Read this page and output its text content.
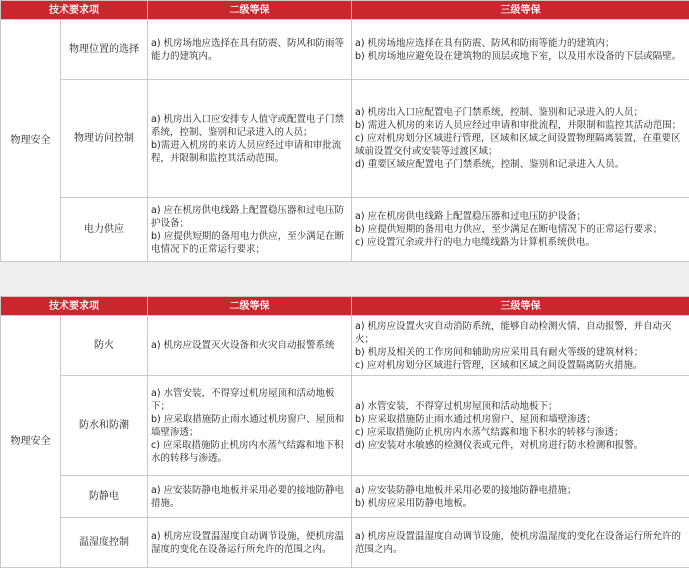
技术要求项		二级等保	三级等保
物理安全	物理位置的选择	a) 机房场地应选择在具有防震、防风和防雨等能力的建筑内。	a) 机房场地应选择在具有防震、防风和防雨等能力的建筑内；
b) 机房场地应避免设在建筑物的顶层或地下室，以及用水设备的下层或隔壁。

	物理访问控制	a) 机房出入口应安排专人值守或配置电子门禁系统，控制、鉴别和记录进入的人员；
b)需进入机房的来访人员应经过申请和审批流程，并限制和监控其活动范围。	a) 机房出入口应配置电子门禁系统，控制、鉴别和记录进入的人员；
b) 需进入机房的来访人员应经过申请和审批流程，并限制和监控其活动范围；
c) 应对机房划分区域进行管理，区域和区域之间设置物理隔离装置，在重要区域前设置交付或安装等过渡区域；
d) 重要区域应配置电子门禁系统，控制、鉴别和记录进入人员。

	电力供应	a) 应在机房供电线路上配置稳压器和过电压防护设备；
b) 应提供短期的备用电力供应，至少满足在断电情况下的正常运行要求；	a) 应在机房供电线路上配置稳压器和过电压防护设备；
b) 应提供短期的备用电力供应，至少满足在断电情况下的正常运行要求；
c) 应设置冗余或并行的电力电缆线路为计算机系统供电。
技术要求项		二级等保	三级等保
物理安全	防火	a) 机房应设置灭火设备和火灾自动报警系统	a) 机房应设置火灾自动消防系统，能够自动检测火情、自动报警，并自动灭火；
b) 机房及相关的工作房间和辅助房应采用具有耐火等级的建筑材料；
c) 应对机房划分区域进行管理，区域和区域之间设置隔离防火措施。

	防水和防潮	a) 水管安装，不得穿过机房屋顶和活动地板下；
b) 应采取措施防止雨水通过机房窗户、屋顶和墙壁渗透；
c) 应采取措施防止机房内水蒸气结露和地下积水的转移与渗透。	a) 水管安装，不得穿过机房屋顶和活动地板下；
b) 应采取措施防止雨水通过机房窗户、屋顶和墙壁渗透；
c) 应采取措施防止机房内水蒸气结露和地下积水的转移与渗透；
d) 应安装对水敏感的检测仪表或元件，对机房进行防水检测和报警。

	防静电	a) 应安装防静电地板并采用必要的接地防静电措施。	a) 应安装防静电地板并采用必要的接地防静电措施；
b) 机房应采用防静电地板。

	温湿度控制	a) 机房应设置温湿度自动调节设施，使机房温湿度的变化在设备运行所允许的范围之内。	a) 机房应设置温湿度自动调节设施，使机房温湿度的变化在设备运行所允许的范围之内。
